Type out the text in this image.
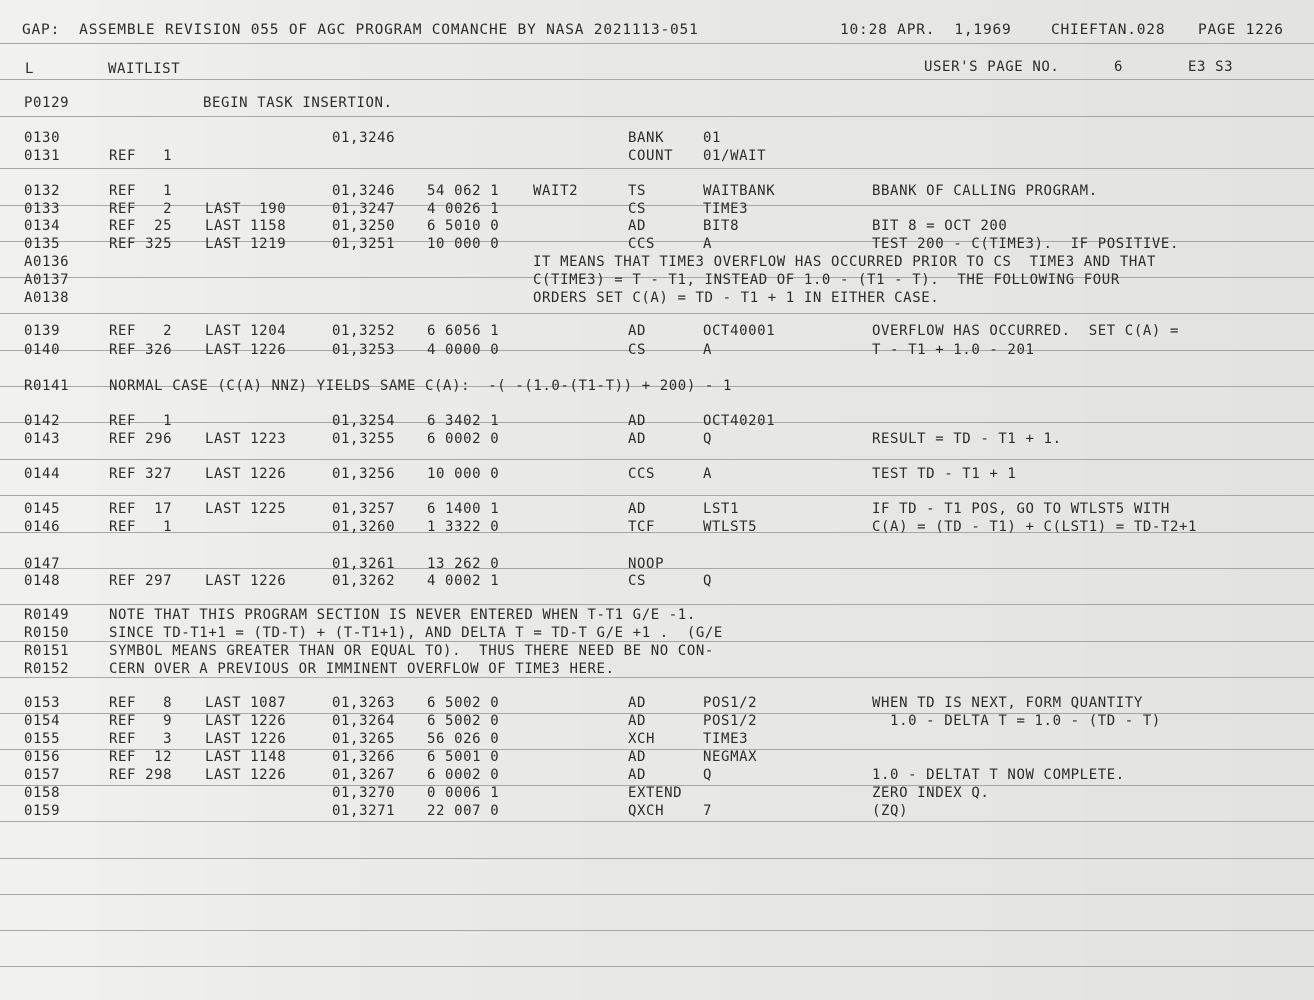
GAP:  ASSEMBLE REVISION 055 OF AGC PROGRAM COMANCHE BY NASA 2021113-051	10:28 APR.  1,1969	CHIEFTAN.028 PAGE 1226
L	WAITLIST	USER'S PAGE NO.	6	E3 S3
P0129	BEGIN TASK INSERTION.
0130	01,3246	BANK	01
0131	REF   1	COUNT 01/WAIT
0132	REF   1	01,3246 54 062 1 WAIT2	TS	WAITBANK	BBANK OF CALLING PROGRAM.
0133	REF   2 LAST  190	01,3247 4 0026 1	CS	TIME3
0134	REF  25 LAST 1158	01,3250 6 5010 0	AD	BIT8	BIT 8 = OCT 200
0135	REF 325 LAST 1219	01,3251 10 000 0	CCS	A	TEST 200 - C(TIME3).  IF POSITIVE.
A0136	IT MEANS THAT TIME3 OVERFLOW HAS OCCURRED PRIOR TO CS  TIME3 AND THAT
A0137	C(TIME3) = T - T1, INSTEAD OF 1.0 - (T1 - T).  THE FOLLOWING FOUR
A0138	ORDERS SET C(A) = TD - T1 + 1 IN EITHER CASE.
0139	REF   2 LAST 1204	01,3252 6 6056 1	AD	OCT40001	OVERFLOW HAS OCCURRED.  SET C(A) =
0140	REF 326 LAST 1226	01,3253 4 0000 0	CS	A	T - T1 + 1.0 - 201
R0141	NORMAL CASE (C(A) NNZ) YIELDS SAME C(A):  -( -(1.0-(T1-T)) + 200) - 1
0142	REF   1	01,3254 6 3402 1	AD	OCT40201
0143	REF 296 LAST 1223	01,3255 6 0002 0	AD	Q	RESULT = TD - T1 + 1.
0144	REF 327 LAST 1226	01,3256 10 000 0	CCS	A	TEST TD - T1 + 1
0145	REF  17 LAST 1225	01,3257 6 1400 1	AD	LST1	IF TD - T1 POS, GO TO WTLST5 WITH
0146	REF   1	01,3260 1 3322 0	TCF	WTLST5	C(A) = (TD - T1) + C(LST1) = TD-T2+1
0147	01,3261 13 262 0	NOOP
0148	REF 297 LAST 1226	01,3262 4 0002 1	CS	Q
R0149	NOTE THAT THIS PROGRAM SECTION IS NEVER ENTERED WHEN T-T1 G/E -1.
R0150	SINCE TD-T1+1 = (TD-T) + (T-T1+1), AND DELTA T = TD-T G/E +1 .  (G/E
R0151	SYMBOL MEANS GREATER THAN OR EQUAL TO).  THUS THERE NEED BE NO CON-
R0152	CERN OVER A PREVIOUS OR IMMINENT OVERFLOW OF TIME3 HERE.
0153	REF   8 LAST 1087	01,3263 6 5002 0	AD	POS1/2	WHEN TD IS NEXT, FORM QUANTITY
0154	REF   9 LAST 1226	01,3264 6 5002 0	AD	POS1/2	1.0 - DELTA T = 1.0 - (TD - T)
0155	REF   3 LAST 1226	01,3265 56 026 0	XCH	TIME3
0156	REF  12 LAST 1148	01,3266 6 5001 0	AD	NEGMAX
0157	REF 298 LAST 1226	01,3267 6 0002 0	AD	Q	1.0 - DELTAT T NOW COMPLETE.
0158	01,3270 0 0006 1	EXTEND	ZERO INDEX Q.
0159	01,3271 22 007 0	QXCH	7	(ZQ)
